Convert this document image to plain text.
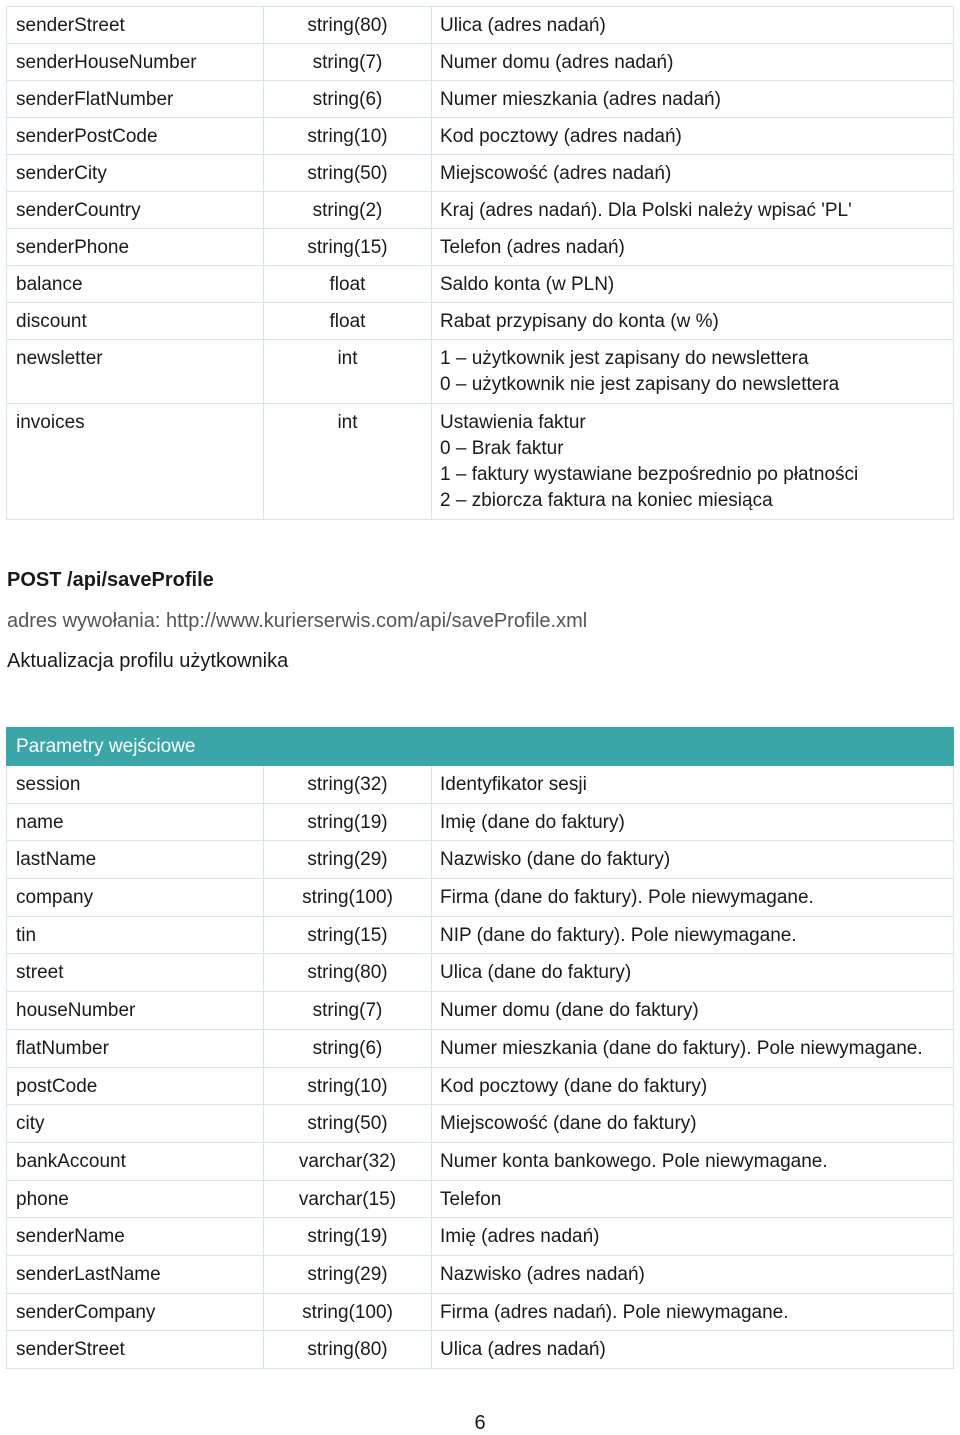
senderStreet	string(80)	Ulica (adres nadań)

senderHouseNumber	string(7)	Numer domu (adres nadań)

senderFlatNumber	string(6)	Numer mieszkania (adres nadań)

senderPostCode	string(10)	Kod pocztowy (adres nadań)

senderCity	string(50)	Miejscowość (adres nadań)

senderCountry	string(2)	Kraj (adres nadań). Dla Polski należy wpisać 'PL'

senderPhone	string(15)	Telefon (adres nadań)

balance	float	Saldo konta (w PLN)

discount	float	Rabat przypisany do konta (w %)

newsletter	int	1 – użytkownik jest zapisany do newslettera
0 – użytkownik nie jest zapisany do newslettera

invoices	int	Ustawienia faktur
0 – Brak faktur
1 – faktury wystawiane bezpośrednio po płatności
2 – zbiorcza faktura na koniec miesiąca
POST /api/saveProfile
adres wywołania: http://www.kurierserwis.com/api/saveProfile.xml
Aktualizacja profilu użytkownika
Parametry wejściowe		
session	string(32)	Identyfikator sesji
name	string(19)	Imię (dane do faktury)
lastName	string(29)	Nazwisko (dane do faktury)
company	string(100)	Firma (dane do faktury). Pole niewymagane.
tin	string(15)	NIP (dane do faktury). Pole niewymagane.
street	string(80)	Ulica (dane do faktury)
houseNumber	string(7)	Numer domu (dane do faktury)
flatNumber	string(6)	Numer mieszkania (dane do faktury). Pole niewymagane.
postCode	string(10)	Kod pocztowy (dane do faktury)
city	string(50)	Miejscowość (dane do faktury)
bankAccount	varchar(32)	Numer konta bankowego. Pole niewymagane.
phone	varchar(15)	Telefon
senderName	string(19)	Imię (adres nadań)
senderLastName	string(29)	Nazwisko (adres nadań)
senderCompany	string(100)	Firma (adres nadań). Pole niewymagane.
senderStreet	string(80)	Ulica (adres nadań)
6
